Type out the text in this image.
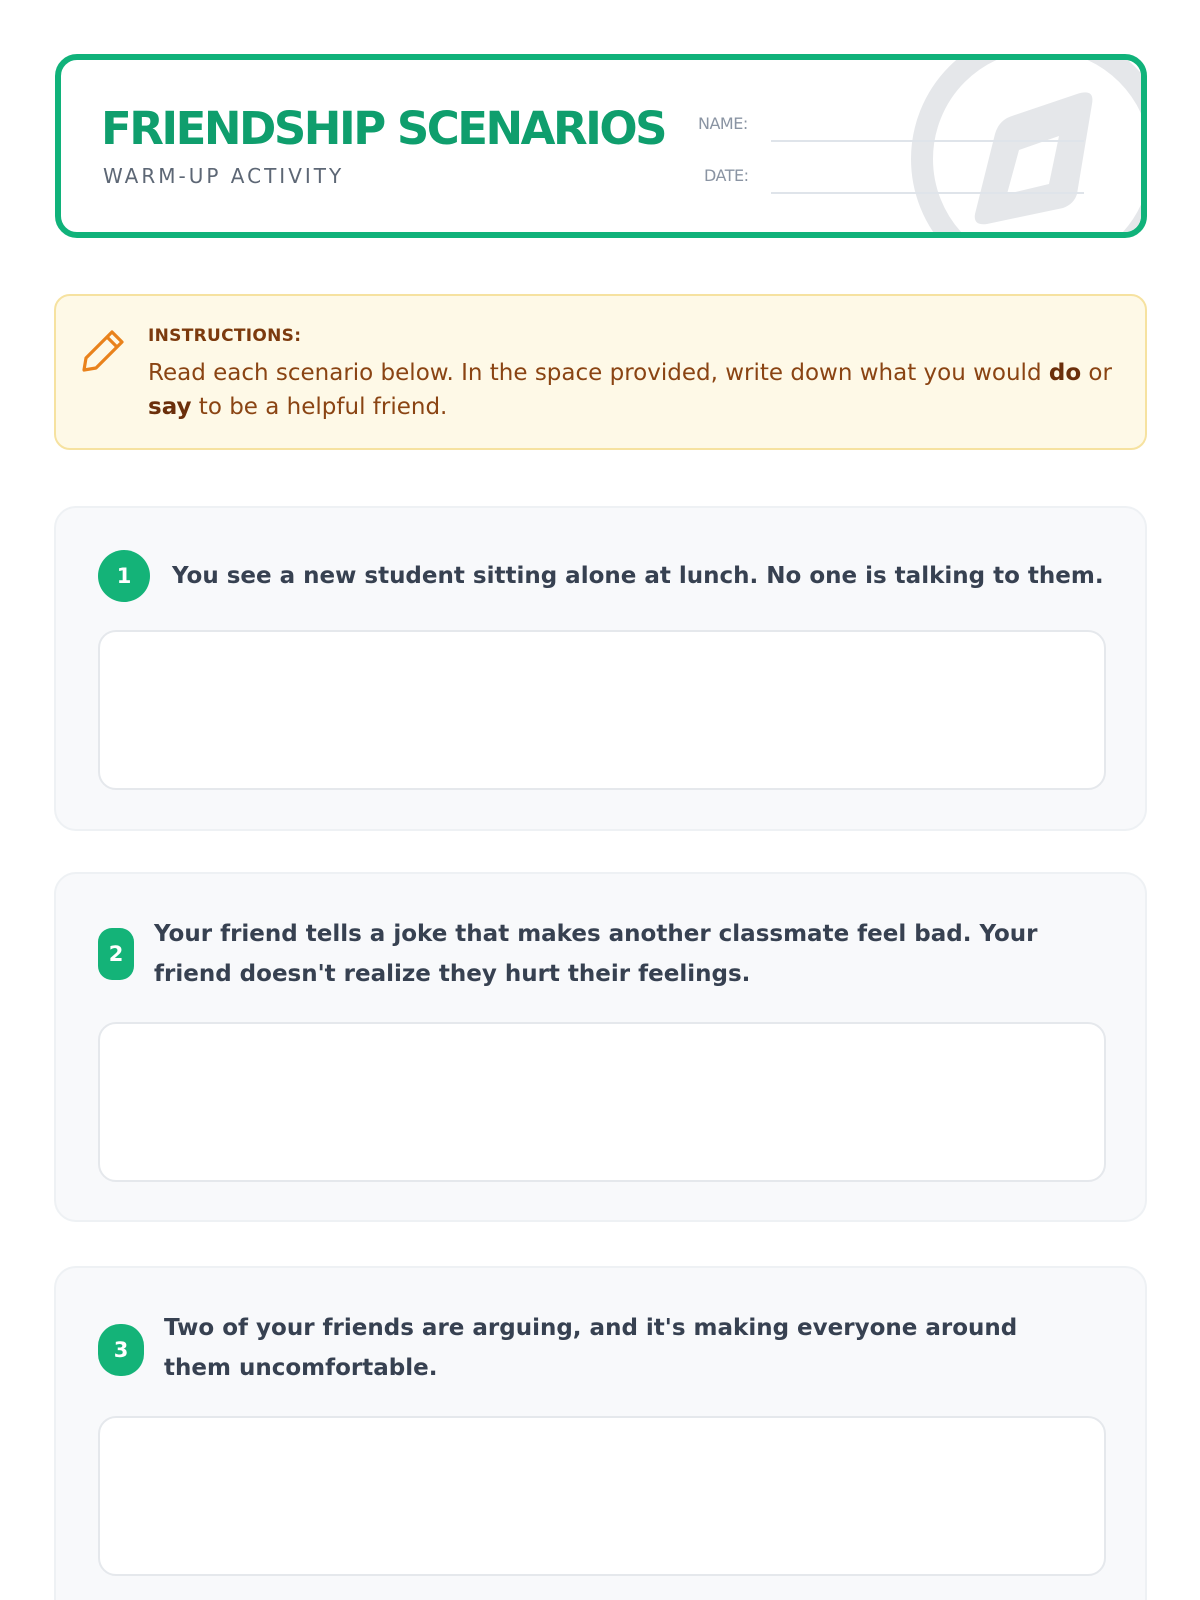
FRIENDSHIP SCENARIOS
WARM-UP ACTIVITY
NAME:
DATE:
INSTRUCTIONS:
Read each scenario below. In the space provided, write down what you would do or say to be a helpful friend.
1	You see a new student sitting alone at lunch. No one is talking to them.
2
Your friend tells a joke that makes another classmate feel bad. Your friend doesn't realize they hurt their feelings.
3
Two of your friends are arguing, and it's making everyone around them uncomfortable.
